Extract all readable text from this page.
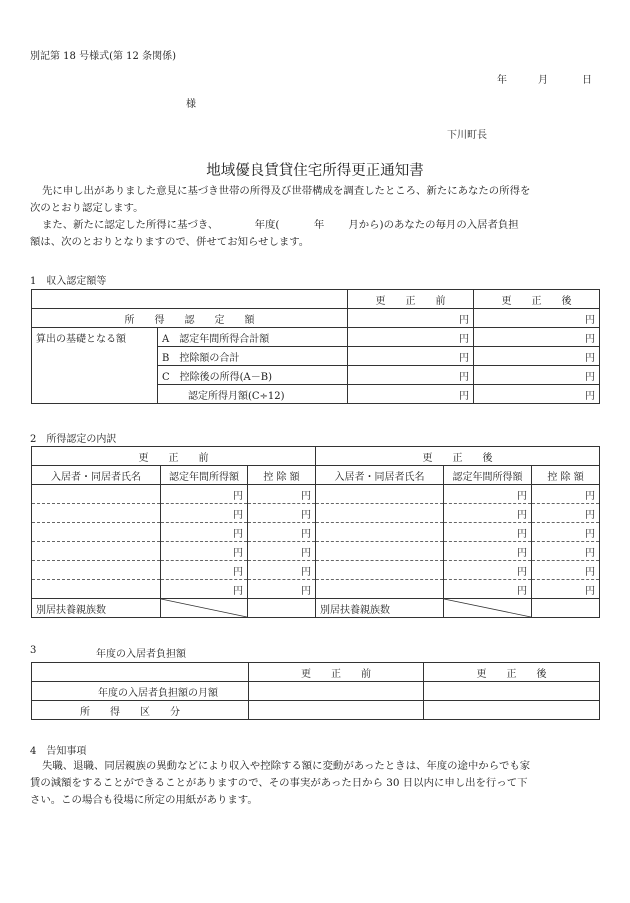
別記第 18 号様式(第 12 条関係)
年	月	日
様
下川町長
地域優良賃貸住宅所得更正通知書
先に申し出がありました意見に基づき世帯の所得及び世帯構成を調査したところ、新たにあなたの所得を
次のとおり認定します。
また、新たに認定した所得に基づき、　　　　年度(　　　 年　　 月から)のあなたの毎月の入居者負担
額は、次のとおりとなりますので、併せてお知らせします。
1　収入認定額等
		更　　正　　前	更　　正　　後
所　　得　　認　　定　　額		円	円
算出の基礎となる額	A　認定年間所得合計額	円	円
	B　控除額の合計	円	円
	C　控除後の所得(A－B)	円	円
	認定所得月額(C÷12)	円	円
2　所得認定の内訳
更　　正　　前			更　　正　　後		
入居者・同居者氏名	認定年間所得額	控 除 額	入居者・同居者氏名	認定年間所得額	控 除 額
	円	円		円	円
	円	円		円	円
	円	円		円	円
	円	円		円	円
	円	円		円	円
	円	円		円	円
別居扶養親族数			別居扶養親族数	

3	年度の入居者負担額
	更　　正　　前	更　　正　　後
年度の入居者負担額の月額		
所　　得　　区　　分		
4　告知事項
失職、退職、同居親族の異動などにより収入や控除する額に変動があったときは、年度の途中からでも家
賃の減額をすることができることがありますので、その事実があった日から 30 日以内に申し出を行って下
さい。この場合も役場に所定の用紙があります。
